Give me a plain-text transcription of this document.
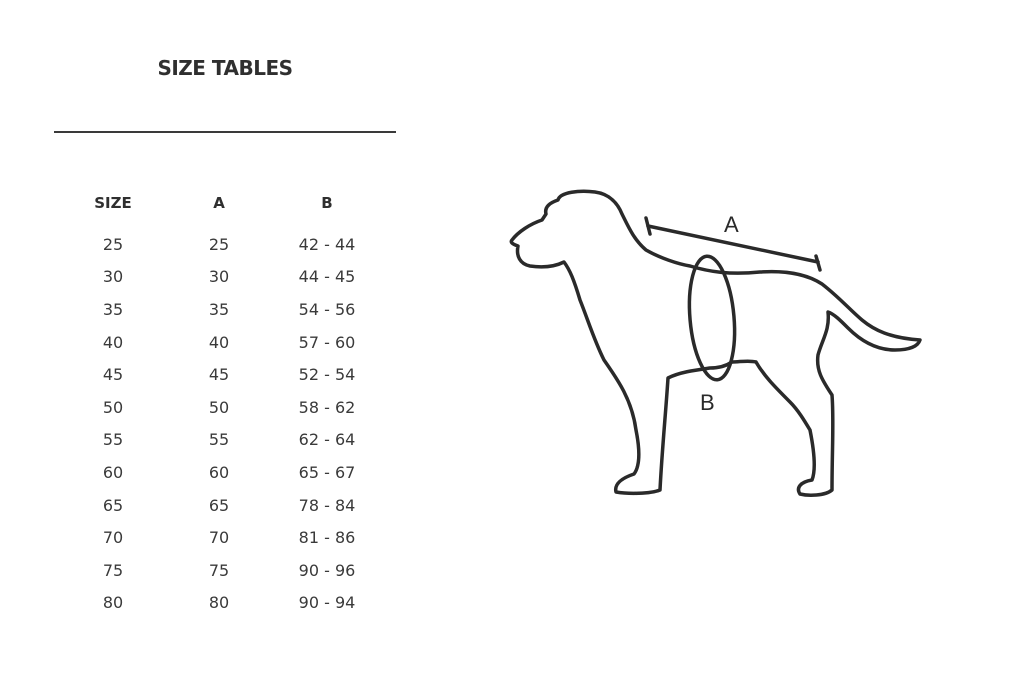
SIZE TABLES
SIZE	A	B

25	25	42 - 44
30	30	44 - 45
35	35	54 - 56
40	40	57 - 60
45	45	52 - 54
50	50	58 - 62
55	55	62 - 64
60	60	65 - 67
65	65	78 - 84
70	70	81 - 86
75	75	90 - 96
80	80	90 - 94
A
B
